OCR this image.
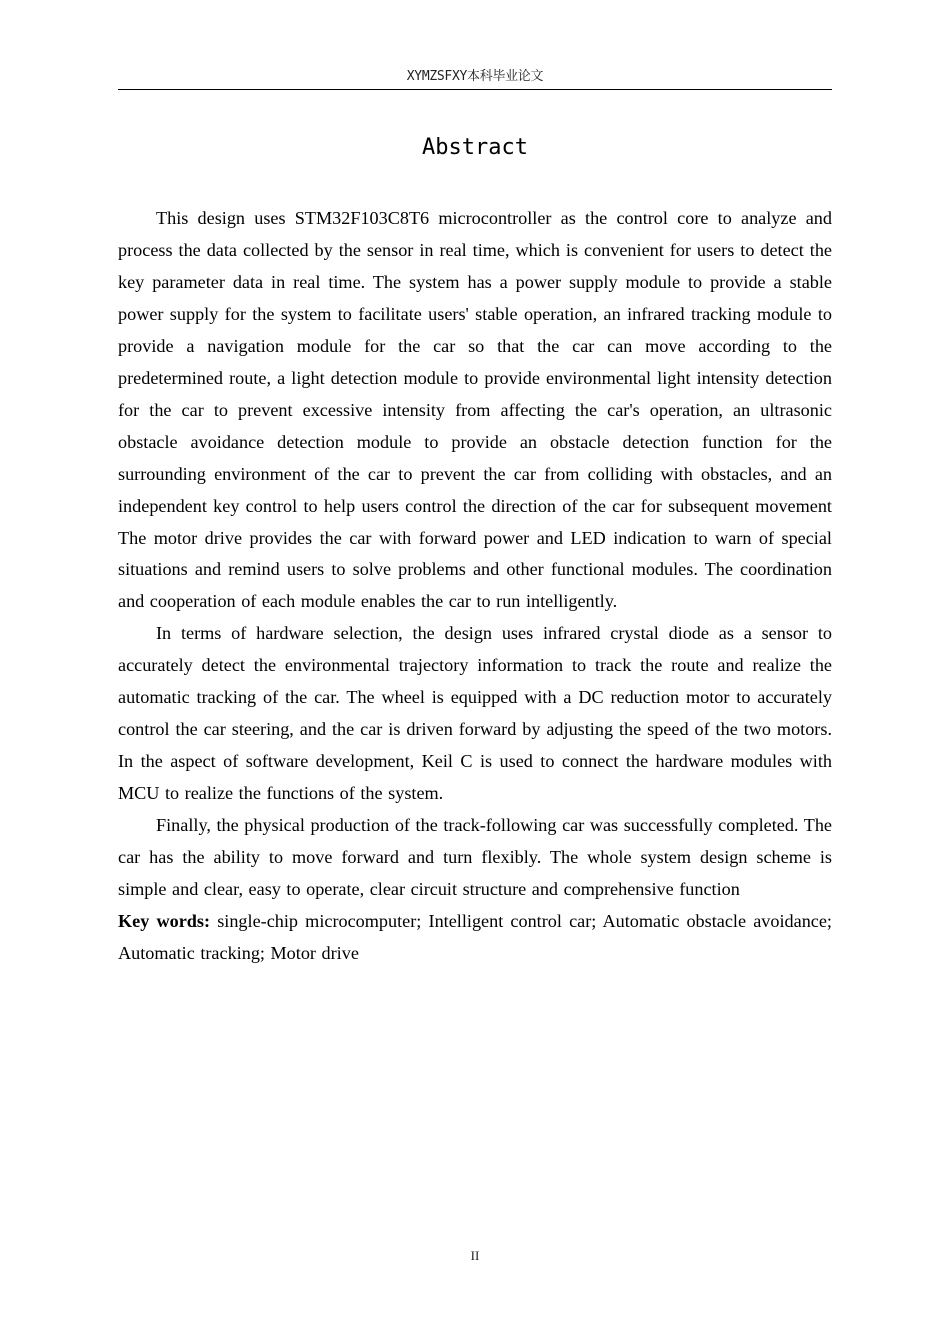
XYMZSFXY本科毕业论文
Abstract

This design uses STM32F103C8T6 microcontroller as the control core to analyze and process the data collected by the sensor in real time, which is convenient for users to detect the key parameter data in real time. The system has a power supply module to provide a stable power supply for the system to facilitate users' stable operation, an infrared tracking module to provide a navigation module for the car so that the car can move according to the predetermined route, a light detection module to provide environmental light intensity detection for the car to prevent excessive intensity from affecting the car's operation, an ultrasonic obstacle avoidance detection module to provide an obstacle detection function for the surrounding environment of the car to prevent the car from colliding with obstacles, and an independent key control to help users control the direction of the car for subsequent movement The motor drive provides the car with forward power and LED indication to warn of special situations and remind users to solve problems and other functional modules. The coordination and cooperation of each module enables the car to run intelligently.

In terms of hardware selection, the design uses infrared crystal diode as a sensor to accurately detect the environmental trajectory information to track the route and realize the automatic tracking of the car. The wheel is equipped with a DC reduction motor to accurately control the car steering, and the car is driven forward by adjusting the speed of the two motors. In the aspect of software development, Keil C is used to connect the hardware modules with MCU to realize the functions of the system.

Finally, the physical production of the track-following car was successfully completed. The car has the ability to move forward and turn flexibly. The whole system design scheme is simple and clear, easy to operate, clear circuit structure and comprehensive function

Key words: single-chip microcomputer; Intelligent control car; Automatic obstacle avoidance; Automatic tracking; Motor drive

II
